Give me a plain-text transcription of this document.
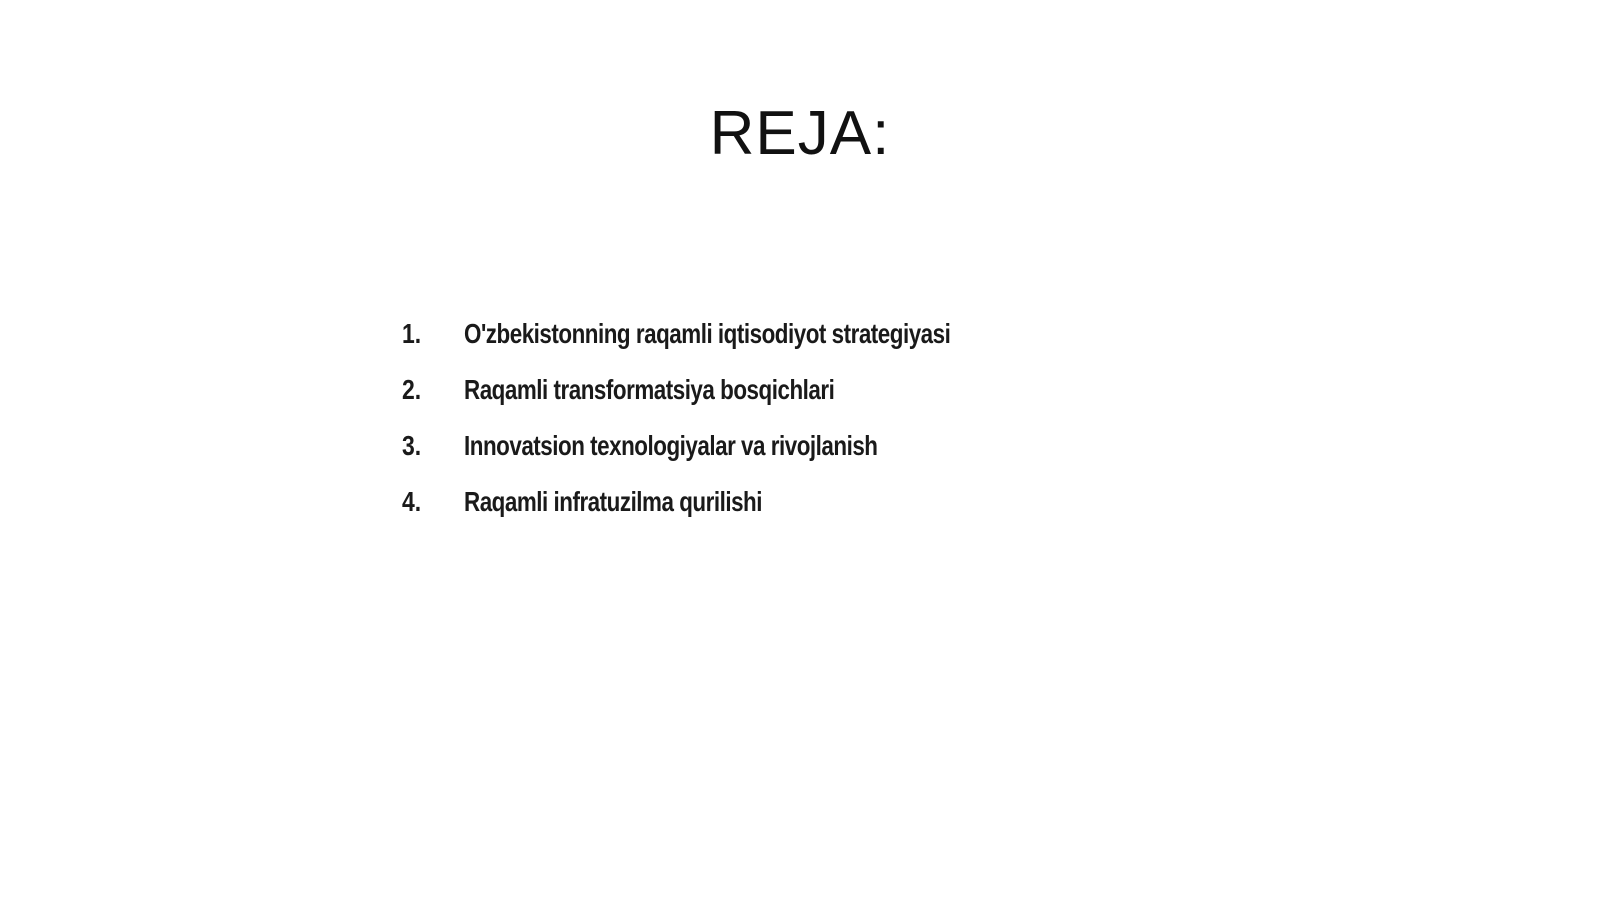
REJA:
1.	O'zbekistonning raqamli iqtisodiyot strategiyasi
2.	Raqamli transformatsiya bosqichlari
3.	Innovatsion texnologiyalar va rivojlanish
4.	Raqamli infratuzilma qurilishi
